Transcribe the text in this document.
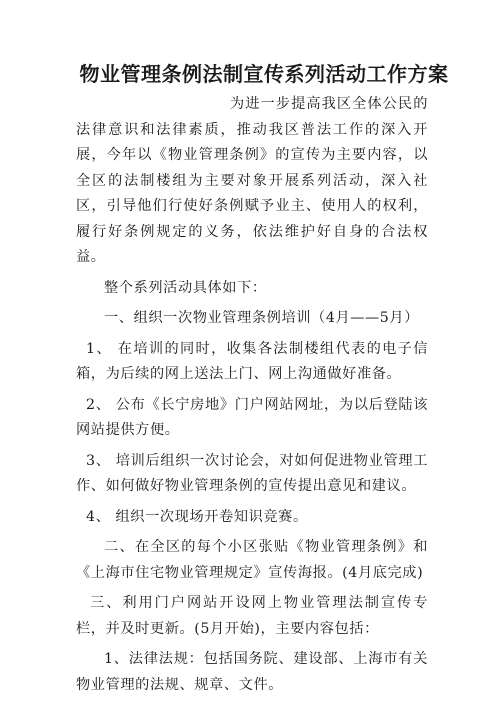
物业管理条例法制宣传系列活动工作方案

为进一步提高我区全体公民的法律意识和法律素质，推动我区普法工作的深入开展，今年以《物业管理条例》的宣传为主要内容，以全区的法制楼组为主要对象开展系列活动，深入社区，引导他们行使好条例赋予业主、使用人的权利，履行好条例规定的义务，依法维护好自身的合法权益。

整个系列活动具体如下：

一、组织一次物业管理条例培训（4月——5月）

1、 在培训的同时，收集各法制楼组代表的电子信箱，为后续的网上送法上门、网上沟通做好准备。

2、 公布《长宁房地》门户网站网址，为以后登陆该网站提供方便。

3、 培训后组织一次讨论会，对如何促进物业管理工作、如何做好物业管理条例的宣传提出意见和建议。

4、 组织一次现场开卷知识竞赛。

二、在全区的每个小区张贴《物业管理条例》和《上海市住宅物业管理规定》宣传海报。(4月底完成)

三、利用门户网站开设网上物业管理法制宣传专栏，并及时更新。(5月开始)，主要内容包括：

1、法律法规：包括国务院、建设部、上海市有关物业管理的法规、规章、文件。
